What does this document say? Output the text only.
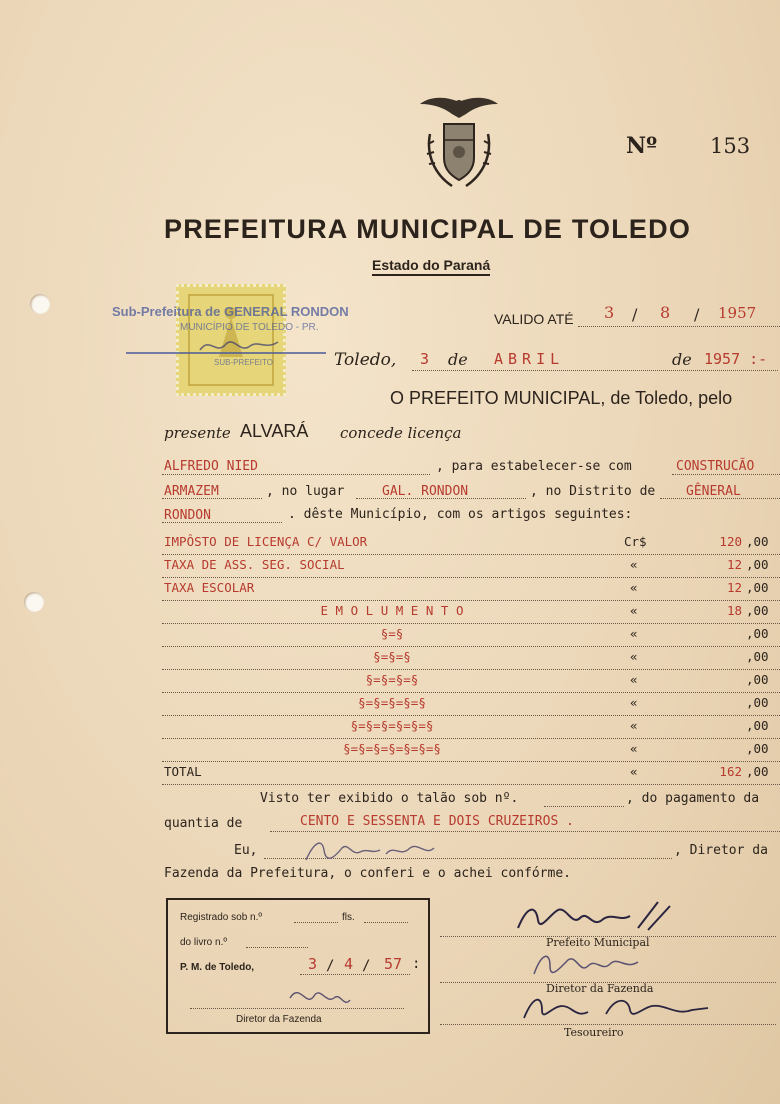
Nº	153
PREFEITURA MUNICIPAL DE TOLEDO
Estado do Paraná
Sub-Prefeitura de GENERAL RONDON
MUNICÍPIO DE TOLEDO - PR.
SUB-PREFEITO
VALIDO ATÉ 3 / 8 / 1957
Toledo, 3 de ABRIL	de 1957 :-
O PREFEITO MUNICIPAL, de Toledo, pelo
presente ALVARÁ concede licença
ALFREDO NIED	, para estabelecer-se com	CONSTRUCÃO
ARMAZEM	, no lugar	GAL. RONDON	, no Distrito de GÊNERAL
RONDON	. dêste Município, com os artigos seguintes:
IMPÔSTO DE LICENÇA C/ VALOR	Cr$	120 ,00
TAXA DE ASS. SEG. SOCIAL	«	12 ,00
TAXA ESCOLAR	«	12 ,00
E M O L U M E N T O	«	18 ,00
§=§	«	,00
§=§=§	«	,00
§=§=§=§	«	,00
§=§=§=§=§	«	,00
§=§=§=§=§=§	«	,00
§=§=§=§=§=§=§	«	,00
TOTAL	«	162 ,00
Visto ter exibido o talão sob nº.	, do pagamento da
quantia de	CENTO E SESSENTA E DOIS CRUZEIROS .
Eu,	, Diretor da
Fazenda da Prefeitura, o conferi e o achei confórme.
Registrado sob n.º	fls.
do livro n.º
P. M. de Toledo,	3 / 4 / 57 :
Diretor da Fazenda
Prefeito Municipal
Diretor da Fazenda
Tesoureiro
